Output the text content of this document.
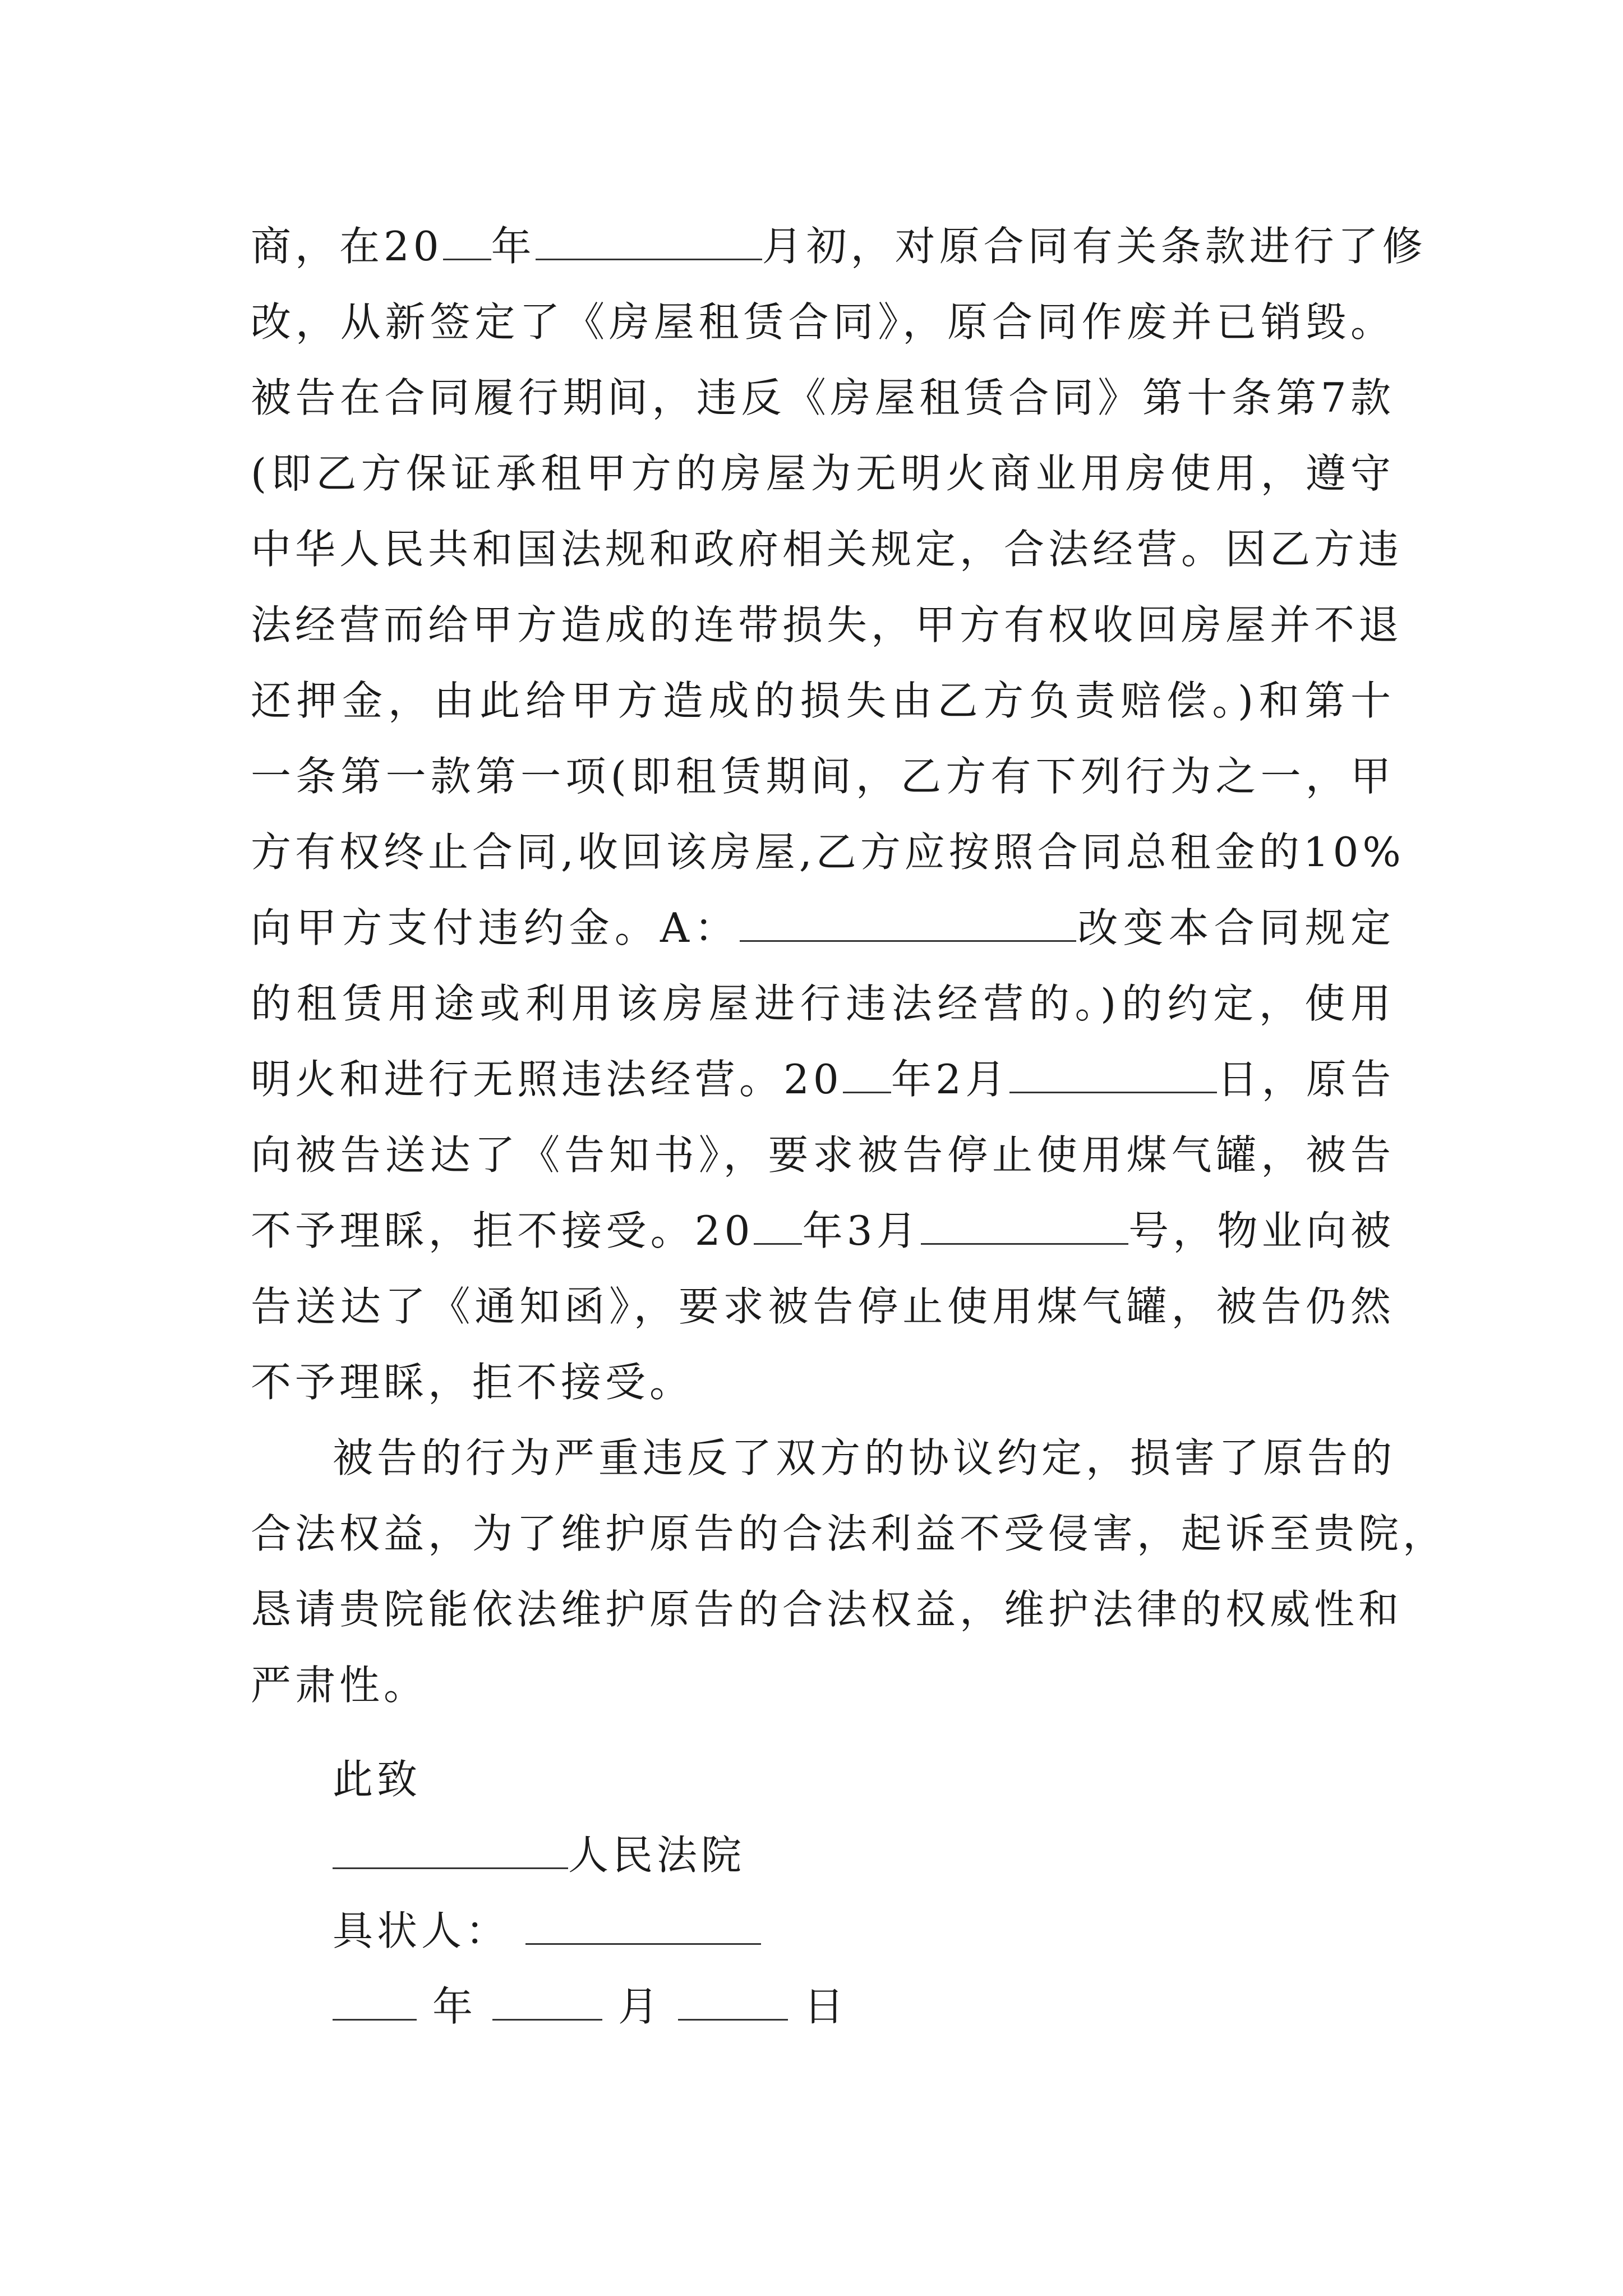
商，在20 年	月初，对原合同有关条款进行了修
改，从新签定了《房屋租赁合同》，原合同作废并已销毁。
被告在合同履行期间，违反《房屋租赁合同》第十条第7款
(即乙方保证承租甲方的房屋为无明火商业用房使用，遵守
中华人民共和国法规和政府相关规定，合法经营。因乙方违
法经营而给甲方造成的连带损失，甲方有权收回房屋并不退
还押金，由此给甲方造成的损失由乙方负责赔偿。)和第十
一条第一款第一项(即租赁期间，乙方有下列行为之一，甲
方有权终止合同,收回该房屋,乙方应按照合同总租金的10%
向甲方支付违约金。A：	改变本合同规定
的租赁用途或利用该房屋进行违法经营的。)的约定，使用
明火和进行无照违法经营。20 年2月	日，原告
向被告送达了《告知书》，要求被告停止使用煤气罐，被告
不予理睬，拒不接受。20 年3月	号，物业向被
告送达了《通知函》，要求被告停止使用煤气罐，被告仍然
不予理睬，拒不接受。
被告的行为严重违反了双方的协议约定，损害了原告的
合法权益，为了维护原告的合法利益不受侵害，起诉至贵院，
恳请贵院能依法维护原告的合法权益，维护法律的权威性和
严肃性。
此致
人民法院
具状人：
年	月	日
